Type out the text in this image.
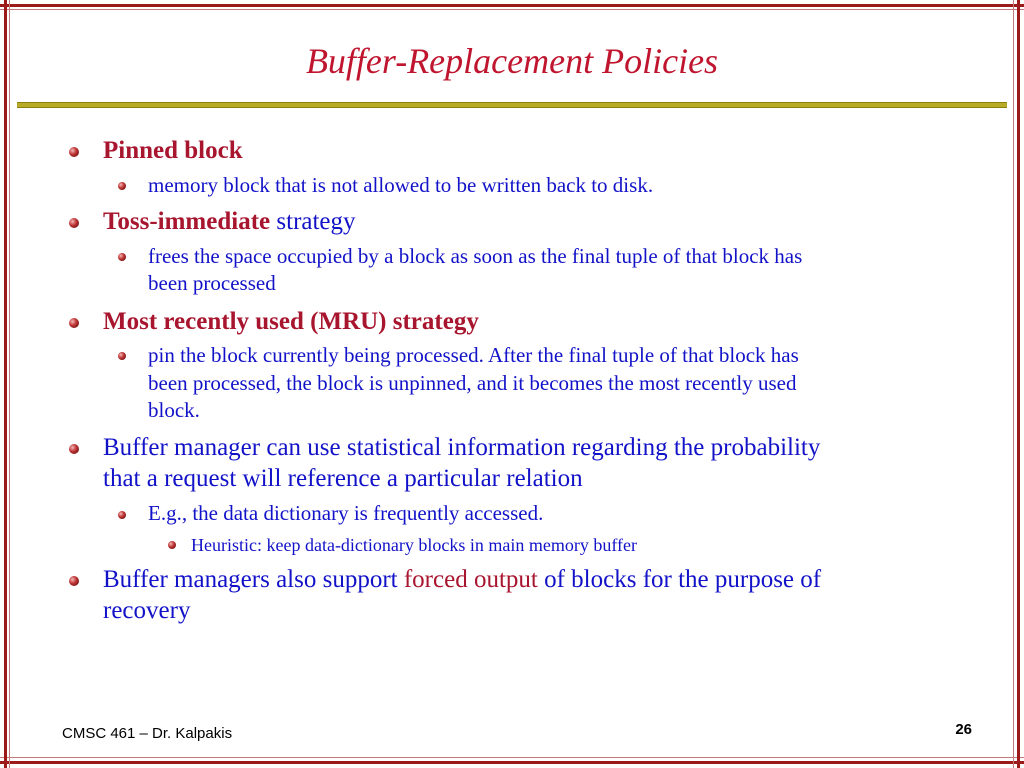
Buffer-Replacement Policies
Pinned block
memory block that is not allowed to be written back to disk.
Toss-immediate strategy
frees the space occupied by a block as soon as the final tuple of that block has
been processed
Most recently used (MRU) strategy
pin the block currently being processed. After the final tuple of that block has
been processed, the block is unpinned, and it becomes the most recently used
block.
Buffer manager can use statistical information regarding the probability
that a request will reference a particular relation
E.g., the data dictionary is frequently accessed.
Heuristic: keep data-dictionary blocks in main memory buffer
Buffer managers also support forced output of blocks for the purpose of
recovery
CMSC 461 – Dr. Kalpakis	26
